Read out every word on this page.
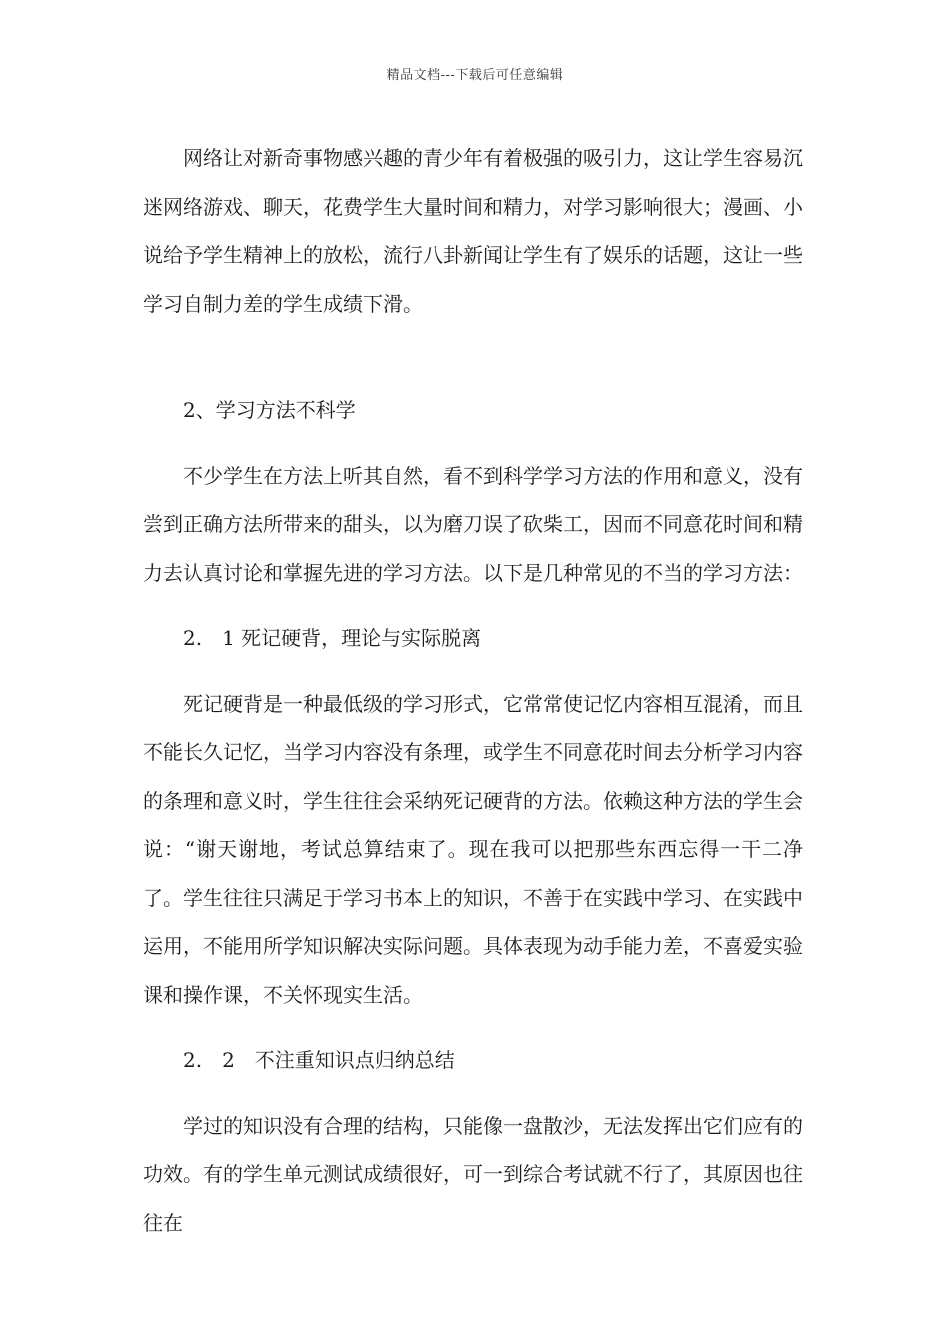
精品文档---下载后可任意编辑

网络让对新奇事物感兴趣的青少年有着极强的吸引力，这让学生容易沉迷网络游戏、聊天，花费学生大量时间和精力，对学习影响很大；漫画、小说给予学生精神上的放松，流行八卦新闻让学生有了娱乐的话题，这让一些学习自制力差的学生成绩下滑。

2、学习方法不科学

不少学生在方法上听其自然，看不到科学学习方法的作用和意义，没有尝到正确方法所带来的甜头，以为磨刀误了砍柴工，因而不同意花时间和精力去认真讨论和掌握先进的学习方法。以下是几种常见的不当的学习方法：

2.　1 死记硬背，理论与实际脱离

死记硬背是一种最低级的学习形式，它常常使记忆内容相互混淆，而且不能长久记忆，当学习内容没有条理，或学生不同意花时间去分析学习内容的条理和意义时，学生往往会采纳死记硬背的方法。依赖这种方法的学生会说：“谢天谢地，考试总算结束了。现在我可以把那些东西忘得一干二净了。学生往往只满足于学习书本上的知识，不善于在实践中学习、在实践中运用，不能用所学知识解决实际问题。具体表现为动手能力差，不喜爱实验课和操作课，不关怀现实生活。

2.　2　不注重知识点归纳总结

学过的知识没有合理的结构，只能像一盘散沙，无法发挥出它们应有的功效。有的学生单元测试成绩很好，可一到综合考试就不行了，其原因也往往在
